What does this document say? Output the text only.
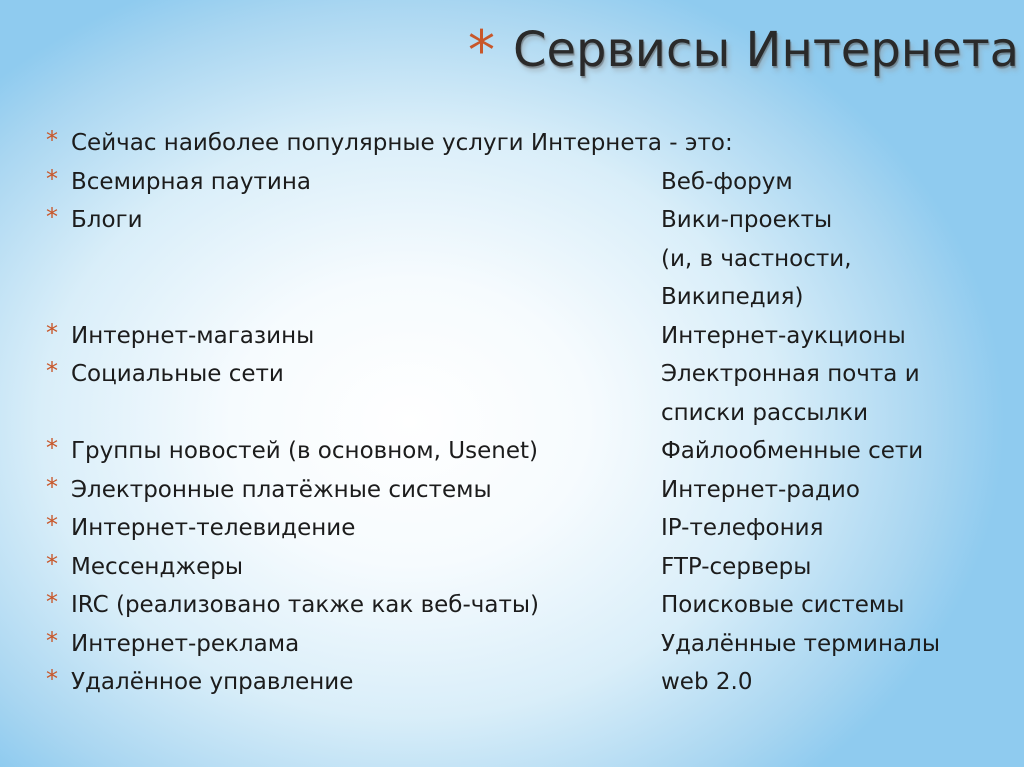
* Сервисы Интернета
* Сейчас наиболее популярные услуги Интернета - это:
* Всемирная паутина	Веб-форум
* Блоги	Вики-проекты
(и, в частности,
Википедия)
* Интернет-магазины	Интернет-аукционы
* Социальные сети	Электронная почта и
списки рассылки
* Группы новостей (в основном, Usenet)	Файлообменные сети
* Электронные платёжные системы	Интернет-радио
* Интернет-телевидение	IP-телефония
* Мессенджеры	FTP-серверы
* IRC (реализовано также как веб-чаты)	Поисковые системы
* Интернет-реклама	Удалённые терминалы
* Удалённое управление	web 2.0
